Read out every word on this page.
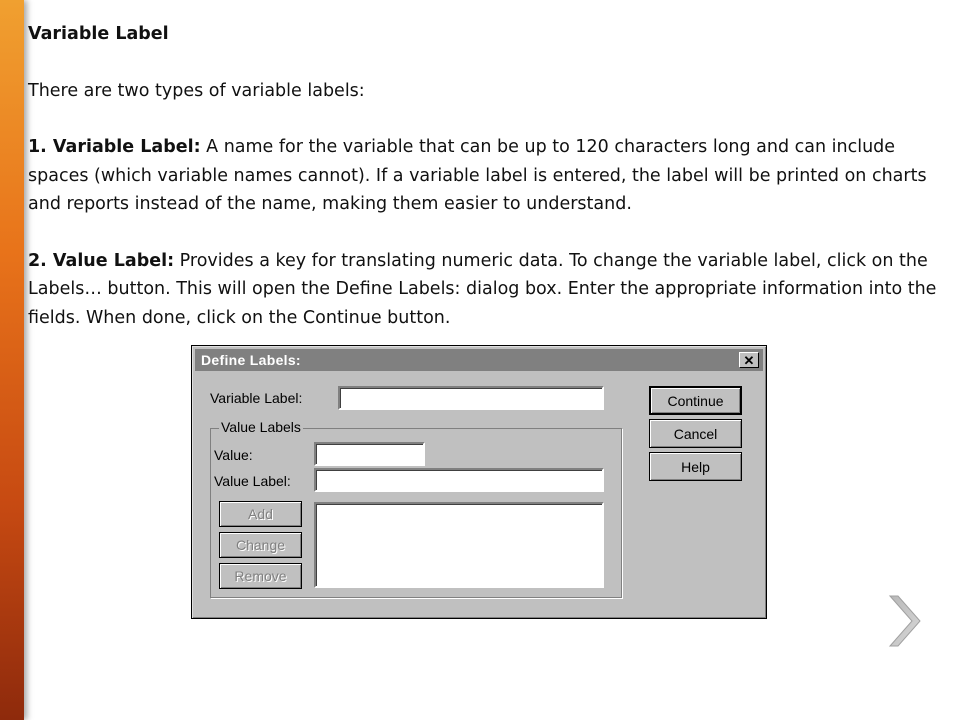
Variable Label

There are two types of variable labels:

1. Variable Label: A name for the variable that can be up to 120 characters long and can include spaces (which variable names cannot). If a variable label is entered, the label will be printed on charts and reports instead of the name, making them easier to understand.

2. Value Label: Provides a key for translating numeric data. To change the variable label, click on the Labels… button. This will open the Define Labels: dialog box. Enter the appropriate information into the fields. When done, click on the Continue button.

Define Labels:	✕
Variable Label:	Continue
Cancel
Help
Value Labels
Value:
Value Label:
Add
Change
Remove
